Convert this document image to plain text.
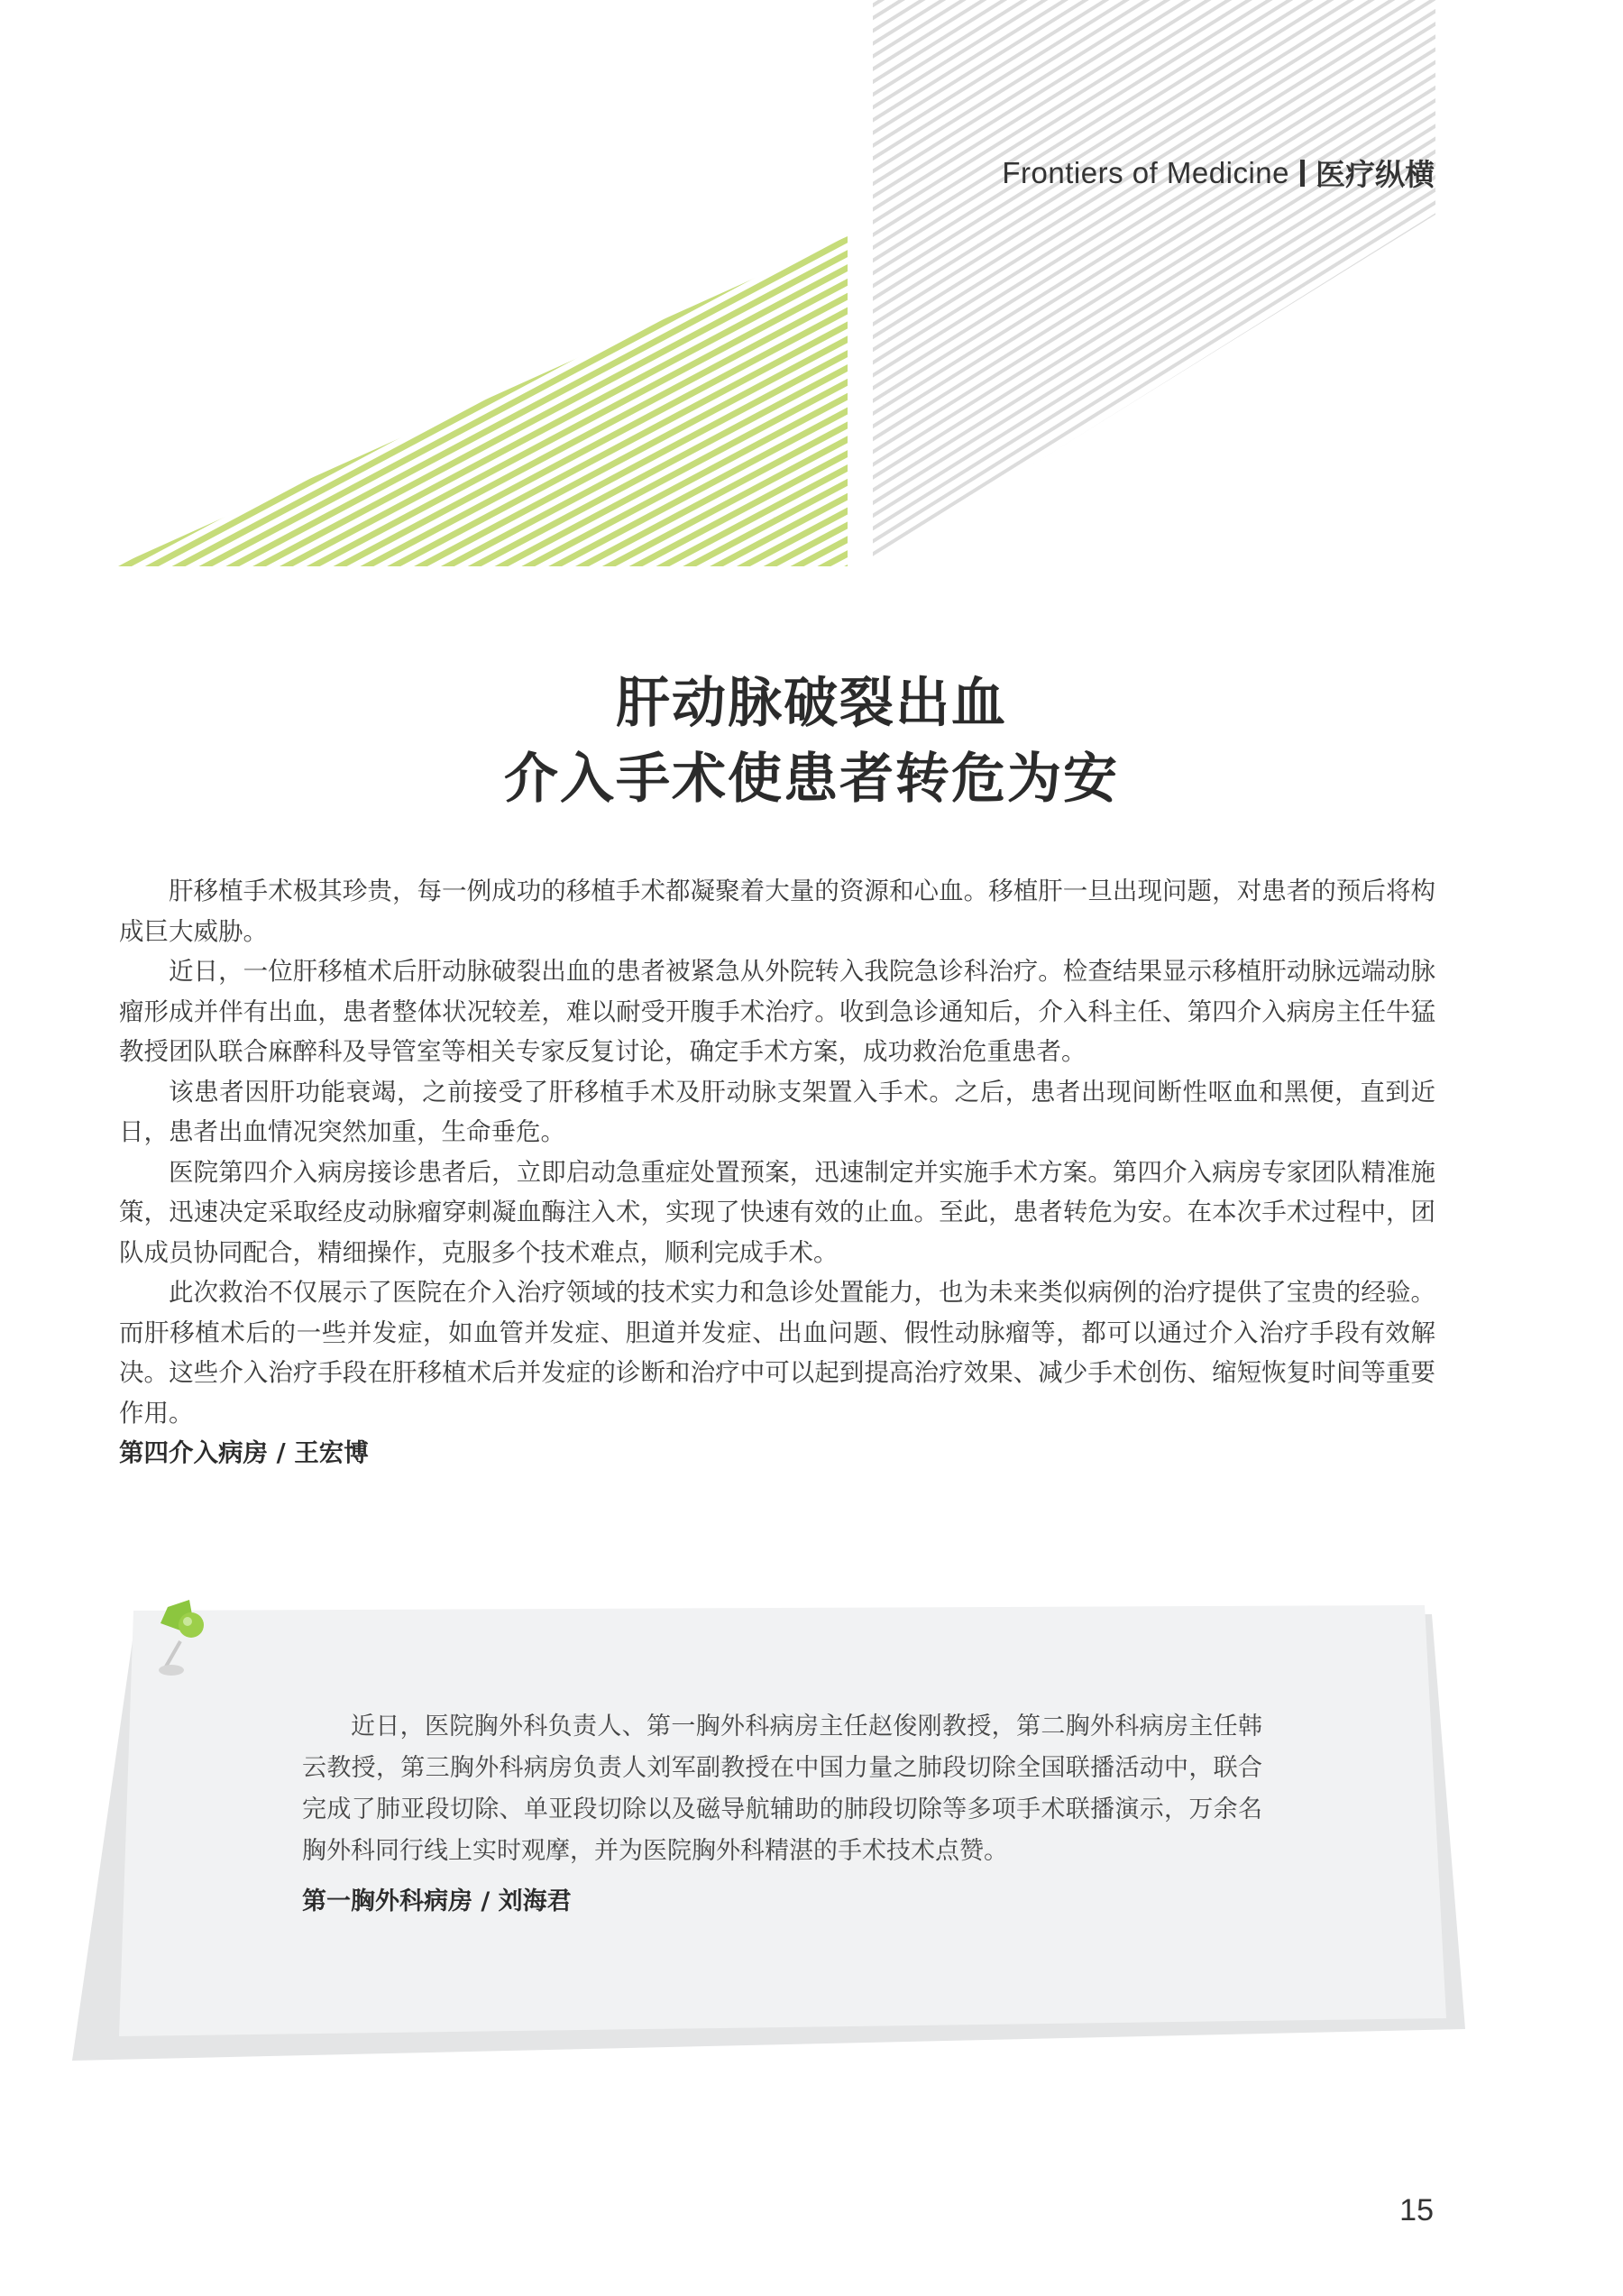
Frontiers of Medicine 医疗纵横
肝动脉破裂出血
介入手术使患者转危为安

肝移植手术极其珍贵，每一例成功的移植手术都凝聚着大量的资源和心血。移植肝一旦出现问题，对患者的预后将构成巨大威胁。

近日，一位肝移植术后肝动脉破裂出血的患者被紧急从外院转入我院急诊科治疗。检查结果显示移植肝动脉远端动脉瘤形成并伴有出血，患者整体状况较差，难以耐受开腹手术治疗。收到急诊通知后，介入科主任、第四介入病房主任牛猛教授团队联合麻醉科及导管室等相关专家反复讨论，确定手术方案，成功救治危重患者。

该患者因肝功能衰竭，之前接受了肝移植手术及肝动脉支架置入手术。之后，患者出现间断性呕血和黑便，直到近日，患者出血情况突然加重，生命垂危。

医院第四介入病房接诊患者后，立即启动急重症处置预案，迅速制定并实施手术方案。第四介入病房专家团队精准施策，迅速决定采取经皮动脉瘤穿刺凝血酶注入术，实现了快速有效的止血。至此，患者转危为安。在本次手术过程中，团队成员协同配合，精细操作，克服多个技术难点，顺利完成手术。

此次救治不仅展示了医院在介入治疗领域的技术实力和急诊处置能力，也为未来类似病例的治疗提供了宝贵的经验。而肝移植术后的一些并发症，如血管并发症、胆道并发症、出血问题、假性动脉瘤等，都可以通过介入治疗手段有效解决。这些介入治疗手段在肝移植术后并发症的诊断和治疗中可以起到提高治疗效果、减少手术创伤、缩短恢复时间等重要作用。

第四介入病房 / 王宏博

近日，医院胸外科负责人、第一胸外科病房主任赵俊刚教授，第二胸外科病房主任韩云教授，第三胸外科病房负责人刘军副教授在中国力量之肺段切除全国联播活动中，联合完成了肺亚段切除、单亚段切除以及磁导航辅助的肺段切除等多项手术联播演示，万余名胸外科同行线上实时观摩，并为医院胸外科精湛的手术技术点赞。

第一胸外科病房 / 刘海君

15
